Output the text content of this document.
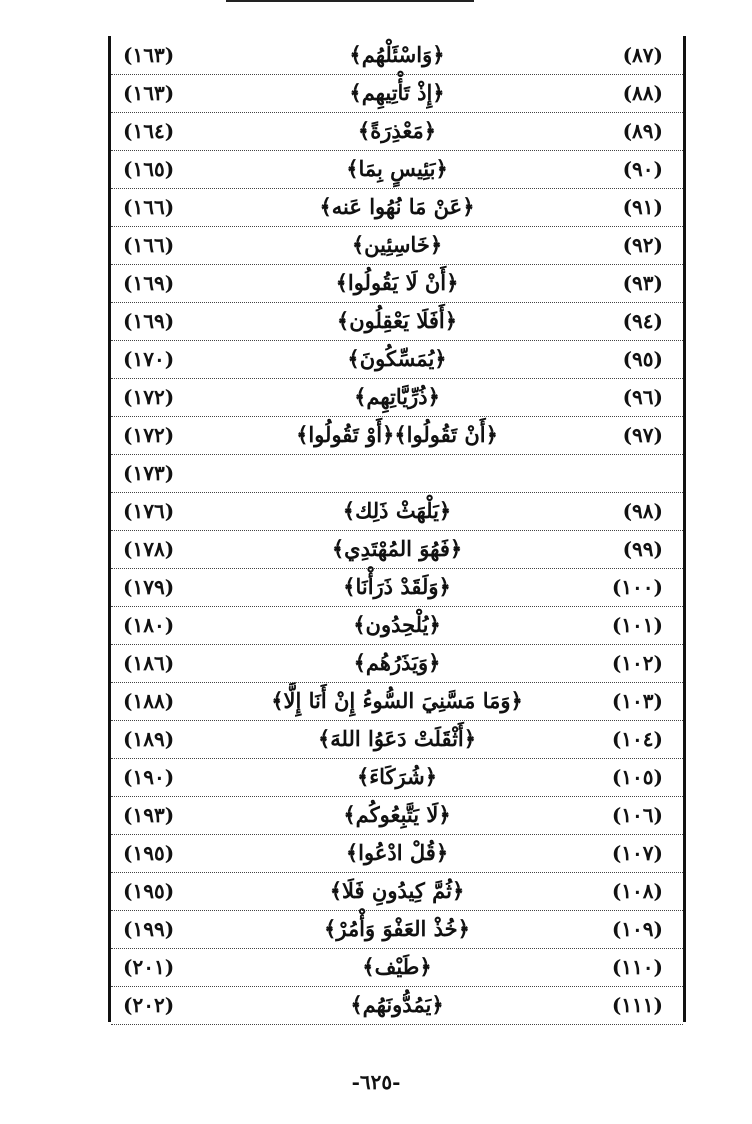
(٨٧)
﴿وَاسْئَلْهُم﴾
(١٦٣)
(٨٨)
﴿إِذْ تَأْتِيهِم﴾
(١٦٣)
(٨٩)
﴿مَعْذِرَةً﴾
(١٦٤)
(٩٠)
﴿بَئِيسٍ بِمَا﴾
(١٦٥)
(٩١)
﴿عَنْ مَا نُهُوا عَنه﴾
(١٦٦)
(٩٢)
﴿خَاسِئِين﴾
(١٦٦)
(٩٣)
﴿أَنْ لَا يَقُولُوا﴾
(١٦٩)
(٩٤)
﴿أَفَلَا يَعْقِلُون﴾
(١٦٩)
(٩٥)
﴿يُمَسِّكُونَ﴾
(١٧٠)
(٩٦)
﴿ذُرِّيَّاتِهِم﴾
(١٧٢)
(٩٧)
﴿أَنْ تَقُولُوا﴾﴿أَوْ تَقُولُوا﴾
(١٧٢)
(١٧٣)
(٩٨)
﴿يَلْهَثْ ذَلِك﴾
(١٧٦)
(٩٩)
﴿فَهُوَ المُهْتَدِي﴾
(١٧٨)
(١٠٠)
﴿وَلَقَدْ ذَرَأْنَا﴾
(١٧٩)
(١٠١)
﴿يُلْحِدُون﴾
(١٨٠)
(١٠٢)
﴿وَيَذَرُهُم﴾
(١٨٦)
(١٠٣)
﴿وَمَا مَسَّنِيَ السُّوءُ إِنْ أَنَا إِلَّا﴾
(١٨٨)
(١٠٤)
﴿أَثْقَلَتْ دَعَوُا اللهَ﴾
(١٨٩)
(١٠٥)
﴿شُرَكَاءَ﴾
(١٩٠)
(١٠٦)
﴿لَا يَتَّبِعُوكُم﴾
(١٩٣)
(١٠٧)
﴿قُلْ ادْعُوا﴾
(١٩٥)
(١٠٨)
﴿ثُمَّ كِيدُونِ فَلَا﴾
(١٩٥)
(١٠٩)
﴿خُذْ العَفْوَ وَأْمُرْ﴾
(١٩٩)
(١١٠)
﴿طَيْف﴾
(٢٠١)
(١١١)
﴿يَمُدُّونَهُم﴾
(٢٠٢)
-٦٢٥-
